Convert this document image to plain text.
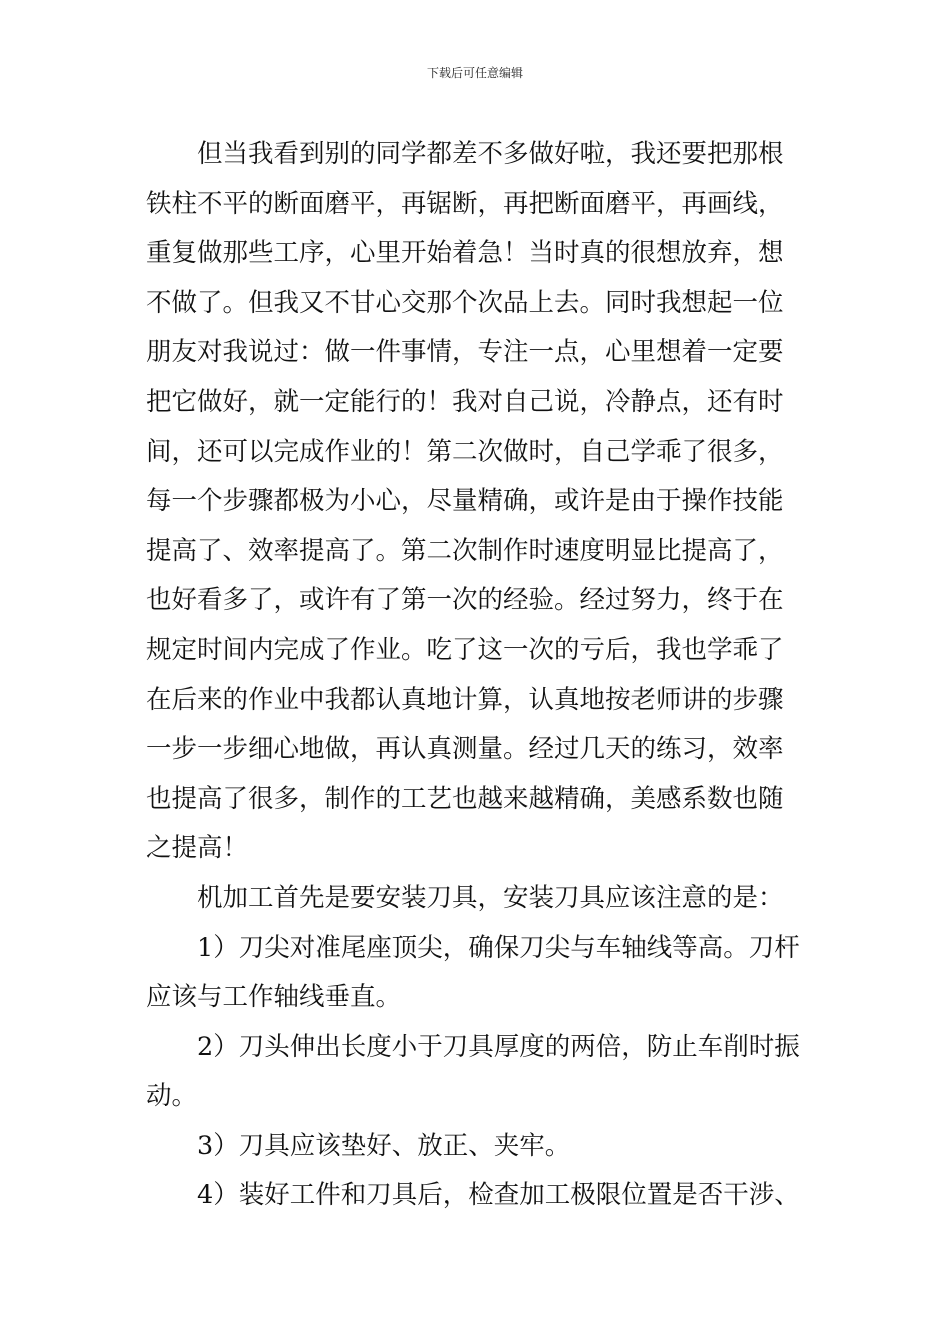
下载后可任意编辑
但当我看到别的同学都差不多做好啦，我还要把那根
铁柱不平的断面磨平，再锯断，再把断面磨平，再画线，
重复做那些工序，心里开始着急！当时真的很想放弃，想
不做了。但我又不甘心交那个次品上去。同时我想起一位
朋友对我说过：做一件事情，专注一点，心里想着一定要
把它做好，就一定能行的！我对自己说，冷静点，还有时
间，还可以完成作业的！第二次做时，自己学乖了很多，
每一个步骤都极为小心，尽量精确，或许是由于操作技能
提高了、效率提高了。第二次制作时速度明显比提高了，
也好看多了，或许有了第一次的经验。经过努力，终于在
规定时间内完成了作业。吃了这一次的亏后，我也学乖了
在后来的作业中我都认真地计算，认真地按老师讲的步骤
一步一步细心地做，再认真测量。经过几天的练习，效率
也提高了很多，制作的工艺也越来越精确，美感系数也随
之提高！
机加工首先是要安装刀具，安装刀具应该注意的是：
1）刀尖对准尾座顶尖，确保刀尖与车轴线等高。刀杆
应该与工作轴线垂直。
2）刀头伸出长度小于刀具厚度的两倍，防止车削时振
动。
3）刀具应该垫好、放正、夹牢。
4）装好工件和刀具后，检查加工极限位置是否干涉、
